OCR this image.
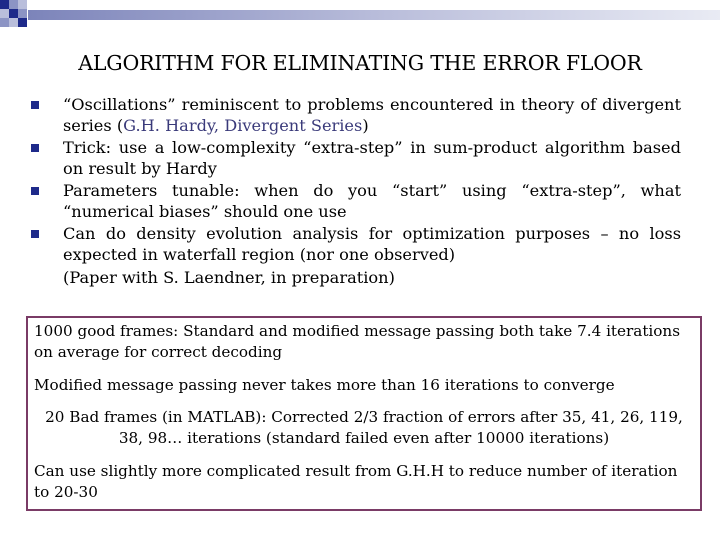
ALGORITHM FOR ELIMINATING THE ERROR FLOOR
“Oscillations” reminiscent to problems encountered in theory of divergent series (G.H. Hardy, Divergent Series)
Trick: use a low-complexity “extra-step” in sum-product algorithm based on result by Hardy
Parameters tunable: when do you “start” using “extra-step”, what “numerical biases” should one use
Can do density evolution analysis for optimization purposes – no loss expected in waterfall region (nor one observed)
(Paper with S. Laendner, in preparation)
1000 good frames: Standard and modified message passing both take 7.4 iterations on average for correct decoding
Modified message passing never takes more than 16 iterations to converge
20 Bad frames (in MATLAB): Corrected 2/3 fraction of errors after 35, 41, 26, 119, 38, 98… iterations (standard failed even after 10000 iterations)
Can use slightly more complicated result from G.H.H to reduce number of iteration to 20-30
